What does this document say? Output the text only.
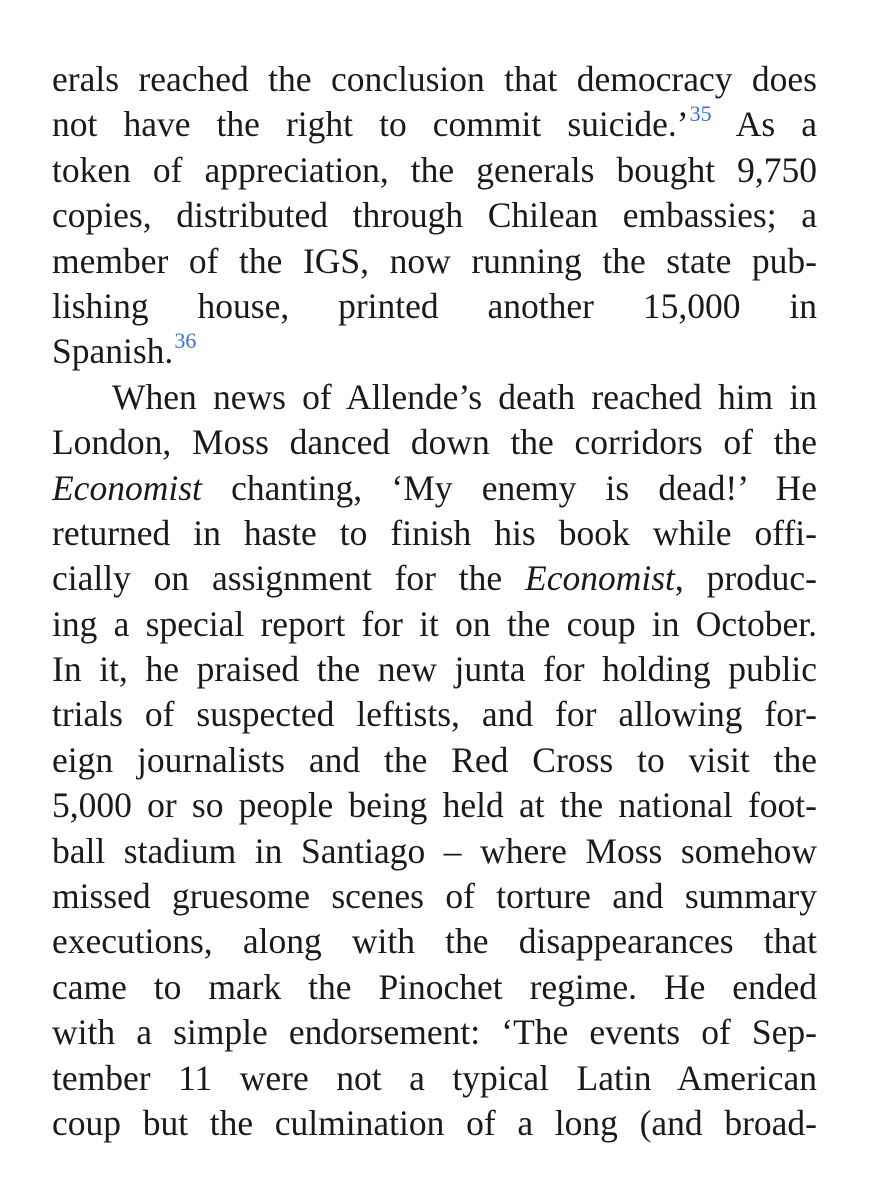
erals reached the conclusion that democracy does
not have the right to commit suicide.’$^{35}$ As a
token of appreciation, the generals bought 9,750
copies, distributed through Chilean embassies; a
member of the IGS, now running the state pub-
lishing house, printed another 15,000 in
Spanish.$^{36}$
When news of Allende’s death reached him in
London, Moss danced down the corridors of the
Economist chanting, ‘My enemy is dead!’ He
returned in haste to finish his book while offi-
cially on assignment for the Economist, produc-
ing a special report for it on the coup in October.
In it, he praised the new junta for holding public
trials of suspected leftists, and for allowing for-
eign journalists and the Red Cross to visit the
5,000 or so people being held at the national foot-
ball stadium in Santiago – where Moss somehow
missed gruesome scenes of torture and summary
executions, along with the disappearances that
came to mark the Pinochet regime. He ended
with a simple endorsement: ‘The events of Sep-
tember 11 were not a typical Latin American
coup but the culmination of a long (and broad-
